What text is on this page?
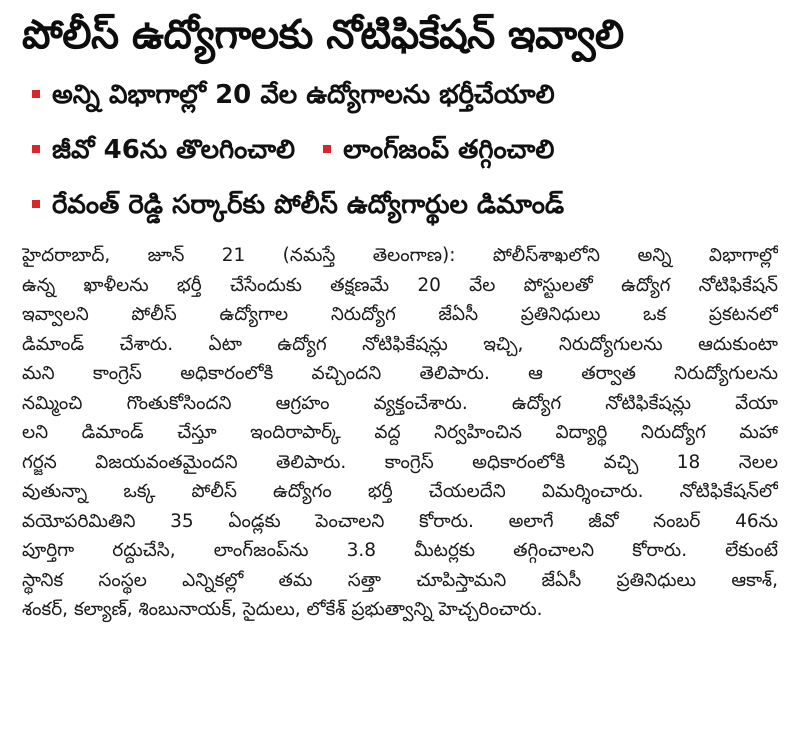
పోలీస్ ఉద్యోగాలకు నోటిఫికేషన్ ఇవ్వాలి
అన్ని విభాగాల్లో 20 వేల ఉద్యోగాలను భర్తీచేయాలి
జీవో 46ను తొలగించాలి లాంగ్‌జంప్ తగ్గించాలి
రేవంత్ రెడ్డి సర్కార్‌కు పోలీస్ ఉద్యోగార్థుల డిమాండ్
హైదరాబాద్, జూన్ 21 (నమస్తే తెలంగాణ): పోలీస్‌శాఖలోని అన్ని విభాగాల్లో
ఉన్న ఖాళీలను భర్తీ చేసేందుకు తక్షణమే 20 వేల పోస్టులతో ఉద్యోగ నోటిఫికేషన్
ఇవ్వాలని పోలీస్ ఉద్యోగాల నిరుద్యోగ జేఏసీ ప్రతినిధులు ఒక ప్రకటనలో
డిమాండ్ చేశారు. ఏటా ఉద్యోగ నోటిఫికేషన్లు ఇచ్చి, నిరుద్యోగులను ఆదుకుంటా
మని కాంగ్రెస్ అధికారంలోకి వచ్చిందని తెలిపారు. ఆ తర్వాత నిరుద్యోగులను
నమ్మించి గొంతుకోసిందని ఆగ్రహం వ్యక్తంచేశారు. ఉద్యోగ నోటిఫికేషన్లు వేయా
లని డిమాండ్ చేస్తూ ఇందిరాపార్క్ వద్ద నిర్వహించిన విద్యార్థి నిరుద్యోగ మహా
గర్జన విజయవంతమైందని తెలిపారు. కాంగ్రెస్ అధికారంలోకి వచ్చి 18 నెలల
వుతున్నా ఒక్క పోలీస్ ఉద్యోగం భర్తీ చేయలదేని విమర్శించారు. నోటిఫికేషన్‌లో
వయోపరిమితిని 35 ఏండ్లకు పెంచాలని కోరారు. అలాగే జీవో నంబర్ 46ను
పూర్తిగా రద్దుచేసి, లాంగ్‌జంప్‌ను 3.8 మీటర్లకు తగ్గించాలని కోరారు. లేకుంటే
స్థానిక సంస్థల ఎన్నికల్లో తమ సత్తా చూపిస్తామని జేఏసీ ప్రతినిధులు ఆకాశ్,
శంకర్, కల్యాణ్, శింబునాయక్, సైదులు, లోకేశ్ ప్రభుత్వాన్ని హెచ్చరించారు.
